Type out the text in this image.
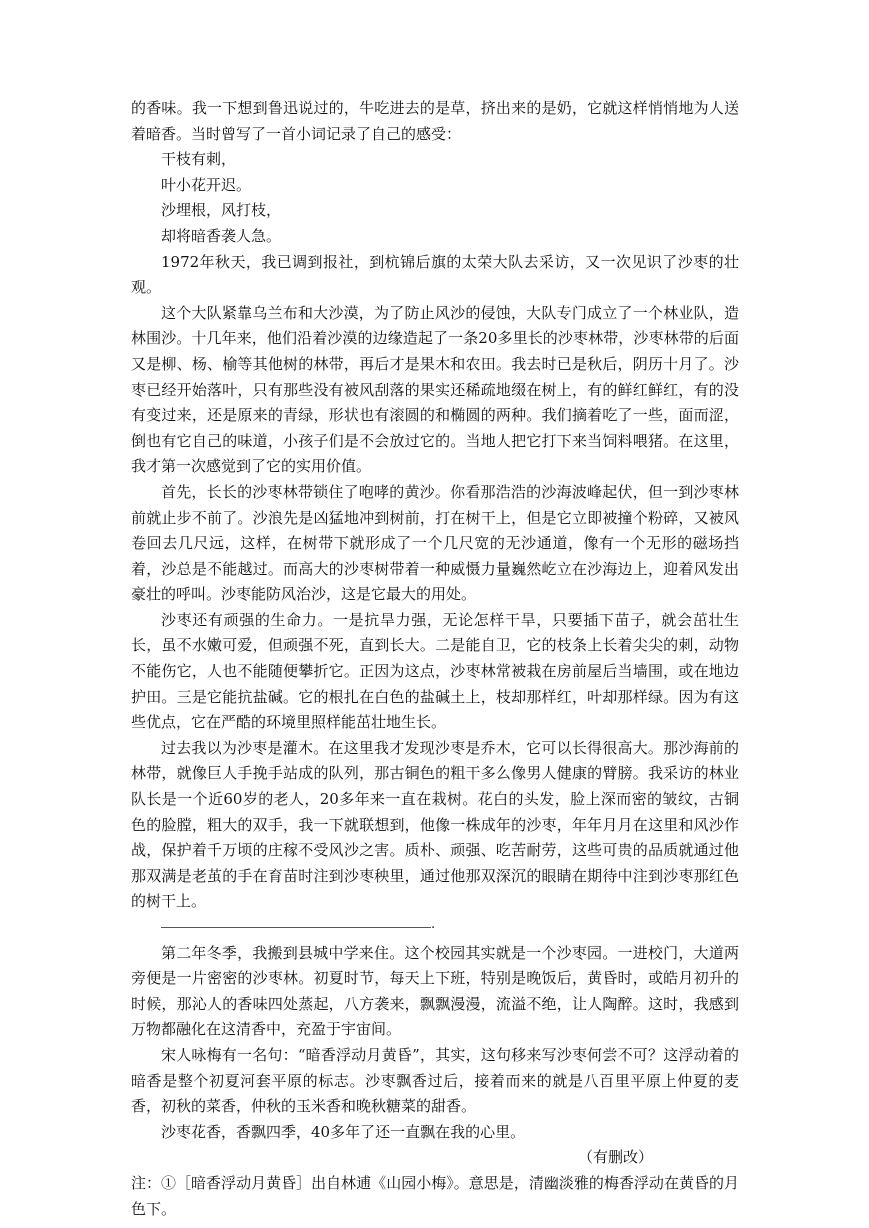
的香味。我一下想到鲁迅说过的，牛吃进去的是草，挤出来的是奶，它就这样悄悄地为人送着暗香。当时曾写了一首小词记录了自己的感受：

干枝有刺，

叶小花开迟。

沙埋根，风打枝，

却将暗香袭人急。

1972年秋天，我已调到报社，到杭锦后旗的太荣大队去采访，又一次见识了沙枣的壮观。

这个大队紧靠乌兰布和大沙漠，为了防止风沙的侵蚀，大队专门成立了一个林业队，造林围沙。十几年来，他们沿着沙漠的边缘造起了一条20多里长的沙枣林带，沙枣林带的后面又是柳、杨、榆等其他树的林带，再后才是果木和农田。我去时已是秋后，阴历十月了。沙枣已经开始落叶，只有那些没有被风刮落的果实还稀疏地缀在树上，有的鲜红鲜红，有的没有变过来，还是原来的青绿，形状也有滚圆的和椭圆的两种。我们摘着吃了一些，面而涩，倒也有它自己的味道，小孩子们是不会放过它的。当地人把它打下来当饲料喂猪。在这里，我才第一次感觉到了它的实用价值。

首先，长长的沙枣林带锁住了咆哮的黄沙。你看那浩浩的沙海波峰起伏，但一到沙枣林前就止步不前了。沙浪先是凶猛地冲到树前，打在树干上，但是它立即被撞个粉碎，又被风卷回去几尺远，这样，在树带下就形成了一个几尺宽的无沙通道，像有一个无形的磁场挡着，沙总是不能越过。而高大的沙枣树带着一种威慑力量巍然屹立在沙海边上，迎着风发出豪壮的呼叫。沙枣能防风治沙，这是它最大的用处。

沙枣还有顽强的生命力。一是抗旱力强，无论怎样干旱，只要插下苗子，就会茁壮生长，虽不水嫩可爱，但顽强不死，直到长大。二是能自卫，它的枝条上长着尖尖的刺，动物不能伤它，人也不能随便攀折它。正因为这点，沙枣林常被栽在房前屋后当墙围，或在地边护田。三是它能抗盐碱。它的根扎在白色的盐碱土上，枝却那样红，叶却那样绿。因为有这些优点，它在严酷的环境里照样能茁壮地生长。

过去我以为沙枣是灌木。在这里我才发现沙枣是乔木，它可以长得很高大。那沙海前的林带，就像巨人手挽手站成的队列，那古铜色的粗干多么像男人健康的臂膀。我采访的林业队长是一个近60岁的老人，20多年来一直在栽树。花白的头发，脸上深而密的皱纹，古铜色的脸膛，粗大的双手，我一下就联想到，他像一株成年的沙枣，年年月月在这里和风沙作战，保护着千万顷的庄稼不受风沙之害。质朴、顽强、吃苦耐劳，这些可贵的品质就通过他那双满是老茧的手在育苗时注到沙枣秧里，通过他那双深沉的眼睛在期待中注到沙枣那红色的树干上。

.

第二年冬季，我搬到县城中学来住。这个校园其实就是一个沙枣园。一进校门，大道两旁便是一片密密的沙枣林。初夏时节，每天上下班，特别是晚饭后，黄昏时，或皓月初升的时候，那沁人的香味四处蒸起，八方袭来，飘飘漫漫，流溢不绝，让人陶醉。这时，我感到万物都融化在这清香中，充盈于宇宙间。

宋人咏梅有一名句：“暗香浮动月黄昏”，其实，这句移来写沙枣何尝不可？这浮动着的暗香是整个初夏河套平原的标志。沙枣飘香过后，接着而来的就是八百里平原上仲夏的麦香，初秋的菜香，仲秋的玉米香和晚秋糖菜的甜香。

沙枣花香，香飘四季，40多年了还一直飘在我的心里。

（有删改）

注：①［暗香浮动月黄昏］出自林逋《山园小梅》。意思是，清幽淡雅的梅香浮动在黄昏的月色下。
